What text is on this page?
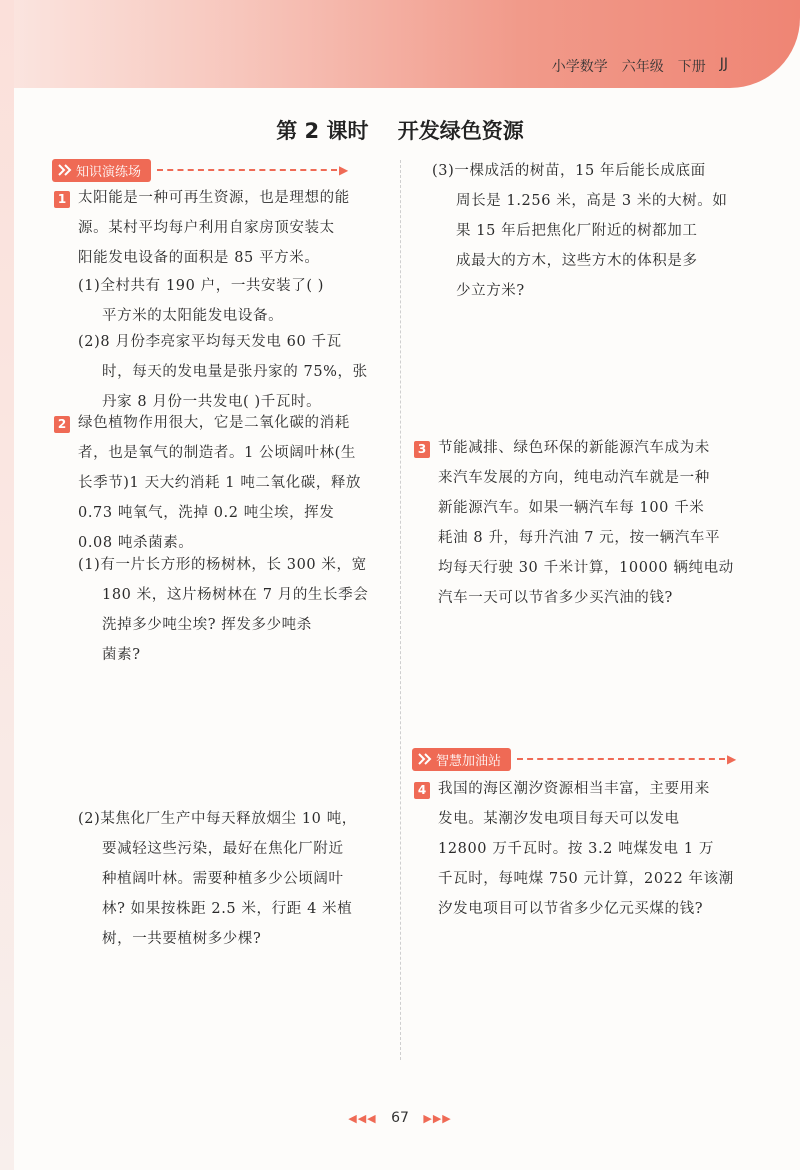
小学数学 六年级 下册 JJ
第 2 课时 开发绿色资源
知识演练场	▶
1 太阳能是一种可再生资源，也是理想的能

源。某村平均每户利用自家房顶安装太

阳能发电设备的面积是 85 平方米。

(1)全村共有 190 户，一共安装了( )

平方米的太阳能发电设备。

(2)8 月份李亮家平均每天发电 60 千瓦

时，每天的发电量是张丹家的 75%，张

丹家 8 月份一共发电( )千瓦时。

2 绿色植物作用很大，它是二氧化碳的消耗

者，也是氧气的制造者。1 公顷阔叶林(生

长季节)1 天大约消耗 1 吨二氧化碳，释放

0.73 吨氧气，洗掉 0.2 吨尘埃，挥发

0.08 吨杀菌素。

(1)有一片长方形的杨树林，长 300 米，宽

180 米，这片杨树林在 7 月的生长季会

洗掉多少吨尘埃? 挥发多少吨杀

菌素?

(2)某焦化厂生产中每天释放烟尘 10 吨，

要减轻这些污染，最好在焦化厂附近

种植阔叶林。需要种植多少公顷阔叶

林? 如果按株距 2.5 米，行距 4 米植

树，一共要植树多少棵?

(3)一棵成活的树苗，15 年后能长成底面

周长是 1.256 米，高是 3 米的大树。如

果 15 年后把焦化厂附近的树都加工

成最大的方木，这些方木的体积是多

少立方米?

3 节能减排、绿色环保的新能源汽车成为未

来汽车发展的方向，纯电动汽车就是一种

新能源汽车。如果一辆汽车每 100 千米

耗油 8 升，每升汽油 7 元，按一辆汽车平

均每天行驶 30 千米计算，10000 辆纯电动

汽车一天可以节省多少买汽油的钱?

智慧加油站	▶
4 我国的海区潮汐资源相当丰富，主要用来

发电。某潮汐发电项目每天可以发电

12800 万千瓦时。按 3.2 吨煤发电 1 万

千瓦时，每吨煤 750 元计算，2022 年该潮

汐发电项目可以节省多少亿元买煤的钱?

◀◀◀ 67 ▶▶▶
